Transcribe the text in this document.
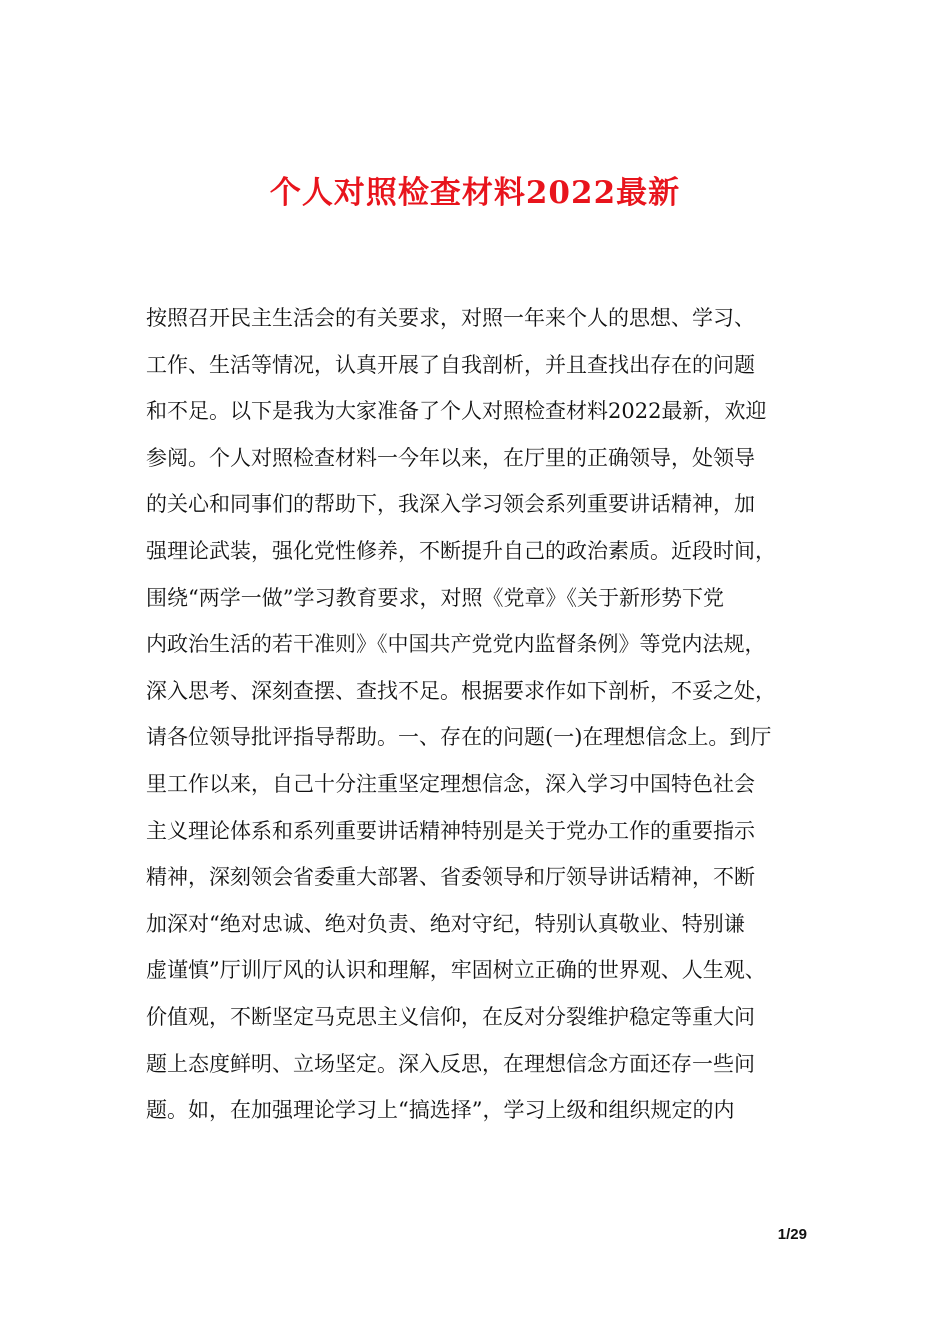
个人对照检查材料2022最新

按照召开民主生活会的有关要求，对照一年来个人的思想、学习、
工作、生活等情况，认真开展了自我剖析，并且查找出存在的问题
和不足。以下是我为大家准备了个人对照检查材料2022最新，欢迎
参阅。个人对照检查材料一今年以来，在厅里的正确领导，处领导
的关心和同事们的帮助下，我深入学习领会系列重要讲话精神，加
强理论武装，强化党性修养，不断提升自己的政治素质。近段时间，
围绕“两学一做”学习教育要求，对照《党章》《关于新形势下党
内政治生活的若干准则》《中国共产党党内监督条例》等党内法规，
深入思考、深刻查摆、查找不足。根据要求作如下剖析，不妥之处，
请各位领导批评指导帮助。一、存在的问题(一)在理想信念上。到厅
里工作以来，自己十分注重坚定理想信念，深入学习中国特色社会
主义理论体系和系列重要讲话精神特别是关于党办工作的重要指示
精神，深刻领会省委重大部署、省委领导和厅领导讲话精神，不断
加深对“绝对忠诚、绝对负责、绝对守纪，特别认真敬业、特别谦
虚谨慎”厅训厅风的认识和理解，牢固树立正确的世界观、人生观、
价值观，不断坚定马克思主义信仰，在反对分裂维护稳定等重大问
题上态度鲜明、立场坚定。深入反思，在理想信念方面还存一些问
题。如，在加强理论学习上“搞选择”，学习上级和组织规定的内

1/29
